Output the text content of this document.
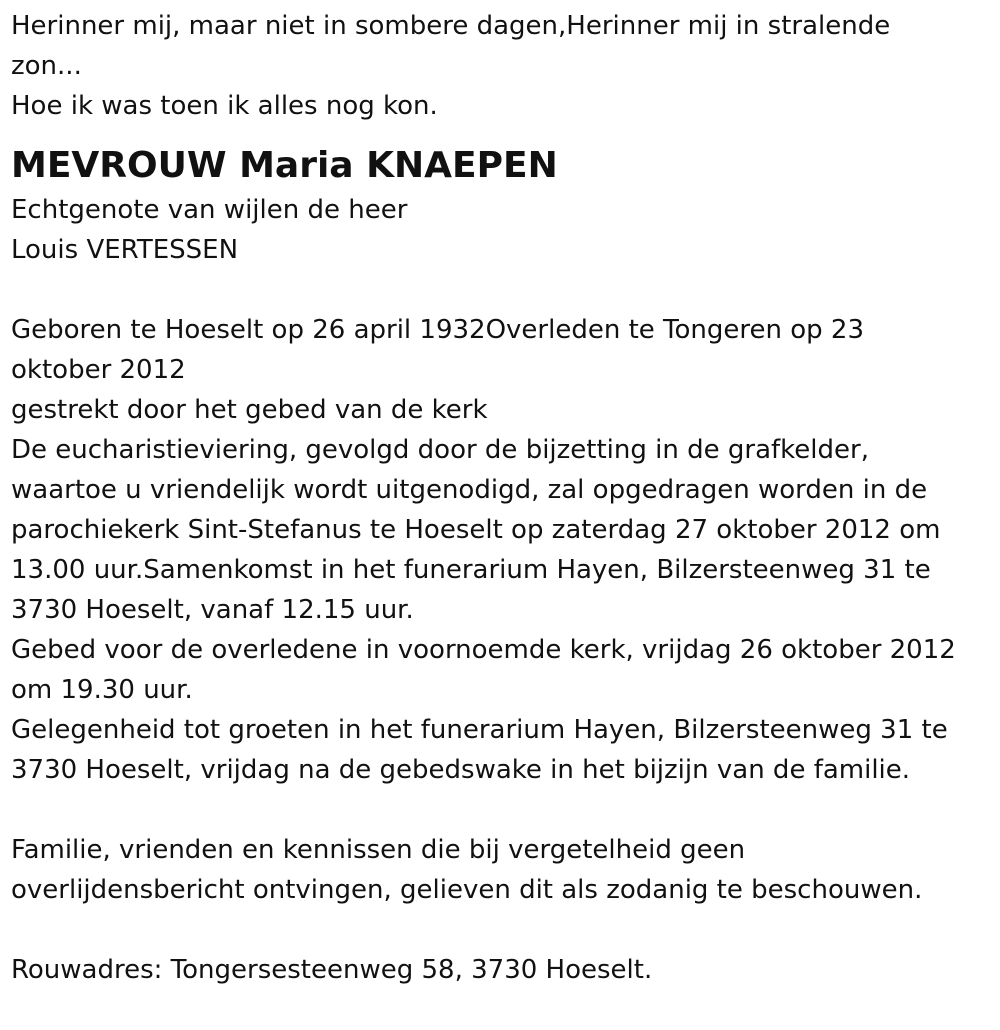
Herinner mij, maar niet in sombere dagen,Herinner mij in stralende
zon...
Hoe ik was toen ik alles nog kon.
MEVROUW Maria KNAEPEN
Echtgenote van wijlen de heer
Louis VERTESSEN
Geboren te Hoeselt op 26 april 1932Overleden te Tongeren op 23
oktober 2012
gestrekt door het gebed van de kerk
De eucharistieviering, gevolgd door de bijzetting in de grafkelder,
waartoe u vriendelijk wordt uitgenodigd, zal opgedragen worden in de
parochiekerk Sint-Stefanus te Hoeselt op zaterdag 27 oktober 2012 om
13.00 uur.Samenkomst in het funerarium Hayen, Bilzersteenweg 31 te
3730 Hoeselt, vanaf 12.15 uur.
Gebed voor de overledene in voornoemde kerk, vrijdag 26 oktober 2012
om 19.30 uur.
Gelegenheid tot groeten in het funerarium Hayen, Bilzersteenweg 31 te
3730 Hoeselt, vrijdag na de gebedswake in het bijzijn van de familie.
Familie, vrienden en kennissen die bij vergetelheid geen
overlijdensbericht ontvingen, gelieven dit als zodanig te beschouwen.
Rouwadres: Tongersesteenweg 58, 3730 Hoeselt.
